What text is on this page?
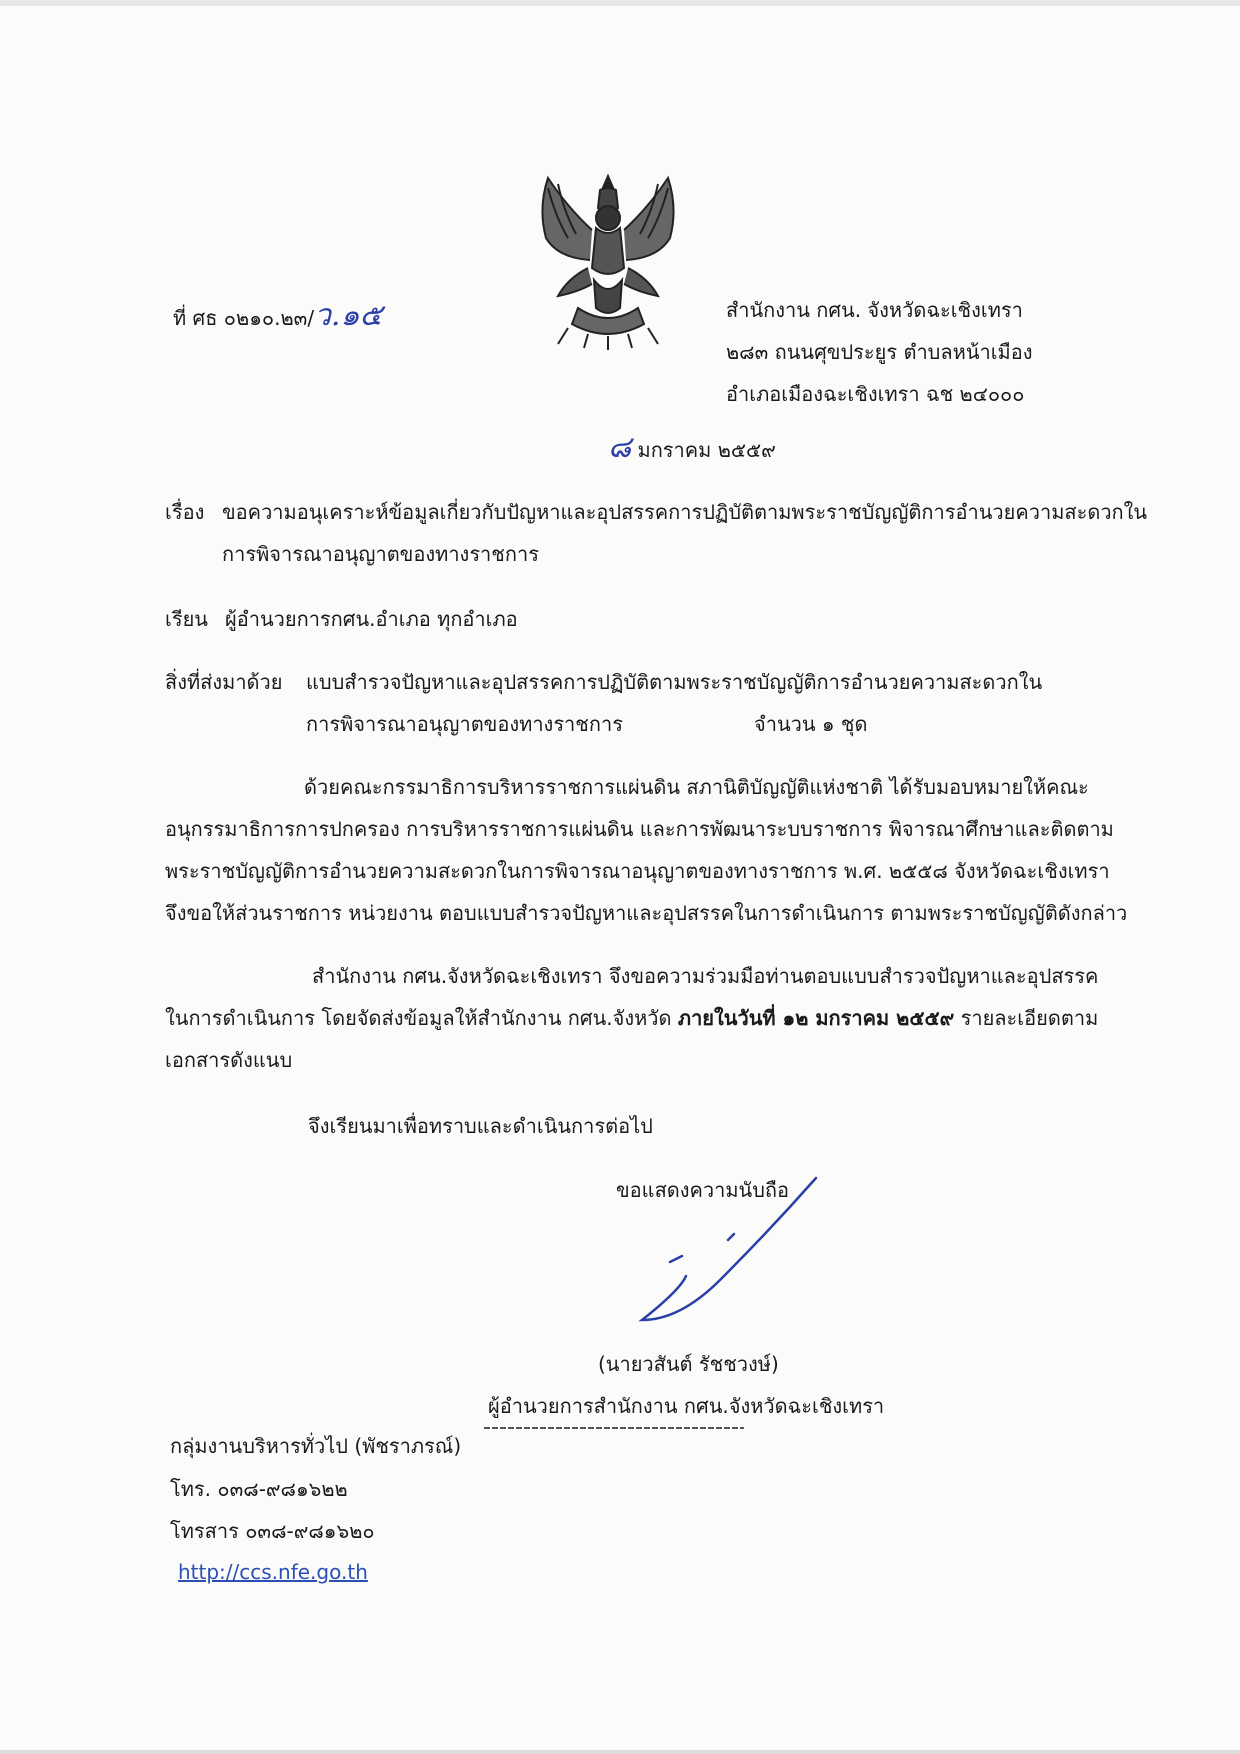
ที่ ศธ ๐๒๑๐.๒๓/ว.๑๕	สำนักงาน กศน. จังหวัดฉะเชิงเทรา
๒๘๓ ถนนศุขประยูร ตำบลหน้าเมือง
อำเภอเมืองฉะเชิงเทรา ฉช ๒๔๐๐๐
๘ มกราคม ๒๕๕๙
เรื่อง ขอความอนุเคราะห์ข้อมูลเกี่ยวกับปัญหาและอุปสรรคการปฏิบัติตามพระราชบัญญัติการอำนวยความสะดวกใน
การพิจารณาอนุญาตของทางราชการ
เรียน ผู้อำนวยการกศน.อำเภอ ทุกอำเภอ
สิ่งที่ส่งมาด้วย แบบสำรวจปัญหาและอุปสรรคการปฏิบัติตามพระราชบัญญัติการอำนวยความสะดวกใน
การพิจารณาอนุญาตของทางราชการ	จำนวน ๑ ชุด
ด้วยคณะกรรมาธิการบริหารราชการแผ่นดิน สภานิติบัญญัติแห่งชาติ ได้รับมอบหมายให้คณะ
อนุกรรมาธิการการปกครอง การบริหารราชการแผ่นดิน และการพัฒนาระบบราชการ พิจารณาศึกษาและติดตาม
พระราชบัญญัติการอำนวยความสะดวกในการพิจารณาอนุญาตของทางราชการ พ.ศ. ๒๕๕๘ จังหวัดฉะเชิงเทรา
จึงขอให้ส่วนราชการ หน่วยงาน ตอบแบบสำรวจปัญหาและอุปสรรคในการดำเนินการ ตามพระราชบัญญัติดังกล่าว
สำนักงาน กศน.จังหวัดฉะเชิงเทรา จึงขอความร่วมมือท่านตอบแบบสำรวจปัญหาและอุปสรรค
ในการดำเนินการ โดยจัดส่งข้อมูลให้สำนักงาน กศน.จังหวัด ภายในวันที่ ๑๒ มกราคม ๒๕๕๙ รายละเอียดตาม
เอกสารดังแนบ
จึงเรียนมาเพื่อทราบและดำเนินการต่อไป
ขอแสดงความนับถือ
(นายวสันต์ รัชชวงษ์)
ผู้อำนวยการสำนักงาน กศน.จังหวัดฉะเชิงเทรา
กลุ่มงานบริหารทั่วไป (พัชราภรณ์)
โทร. ๐๓๘-๙๘๑๖๒๒
โทรสาร ๐๓๘-๙๘๑๖๒๐
http://ccs.nfe.go.th
